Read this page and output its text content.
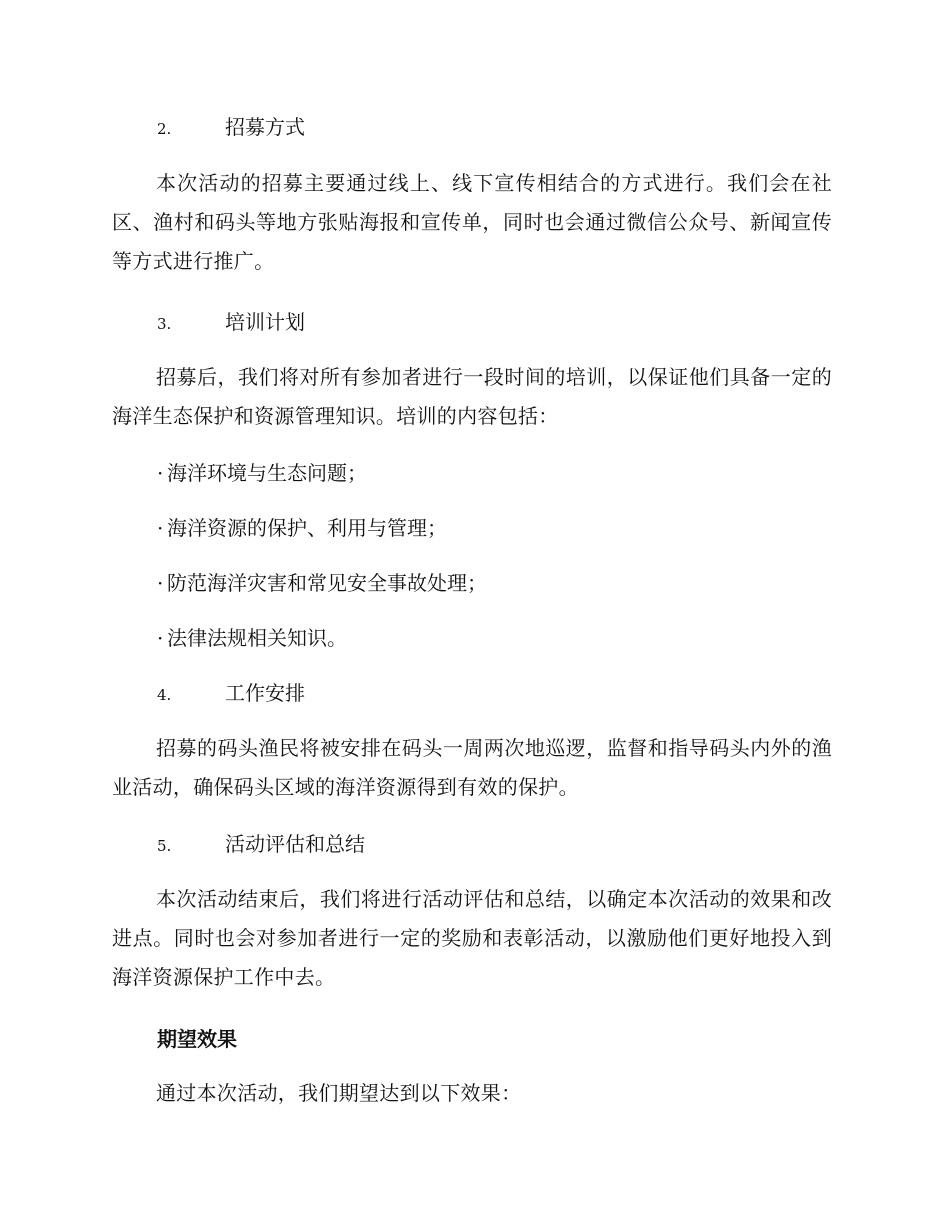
2.	招募方式
本次活动的招募主要通过线上、线下宣传相结合的方式进行。我们会在社区、渔村和码头等地方张贴海报和宣传单，同时也会通过微信公众号、新闻宣传等方式进行推广。
3.	培训计划
招募后，我们将对所有参加者进行一段时间的培训，以保证他们具备一定的海洋生态保护和资源管理知识。培训的内容包括：
· 海洋环境与生态问题；
· 海洋资源的保护、利用与管理；
· 防范海洋灾害和常见安全事故处理；
· 法律法规相关知识。
4.	工作安排
招募的码头渔民将被安排在码头一周两次地巡逻，监督和指导码头内外的渔业活动，确保码头区域的海洋资源得到有效的保护。
5.	活动评估和总结
本次活动结束后，我们将进行活动评估和总结，以确定本次活动的效果和改进点。同时也会对参加者进行一定的奖励和表彰活动，以激励他们更好地投入到海洋资源保护工作中去。
期望效果
通过本次活动，我们期望达到以下效果：
